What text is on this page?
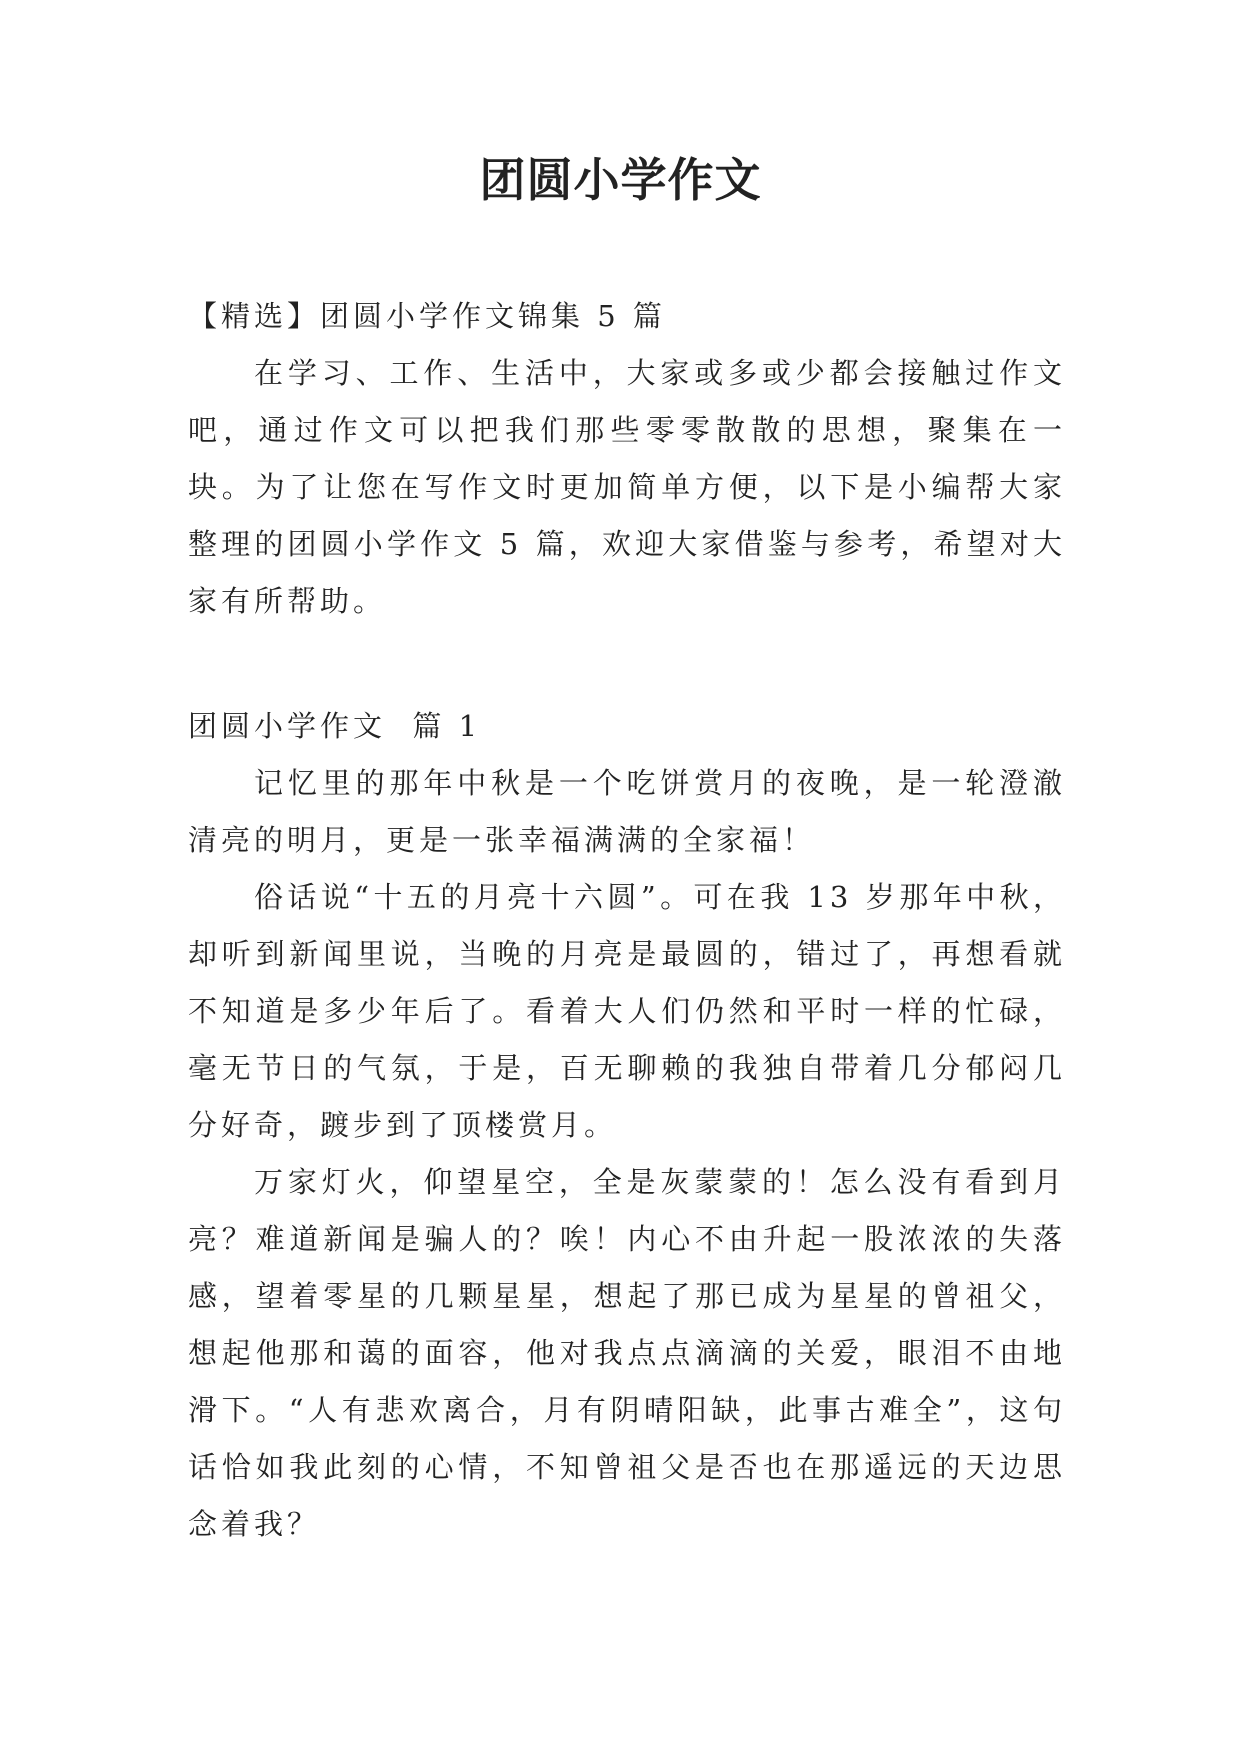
团圆小学作文

【精选】团圆小学作文锦集 5 篇

在学习、工作、生活中，大家或多或少都会接触过作文吧，通过作文可以把我们那些零零散散的思想，聚集在一块。为了让您在写作文时更加简单方便，以下是小编帮大家整理的团圆小学作文 5 篇，欢迎大家借鉴与参考，希望对大家有所帮助。

团圆小学作文  篇 1

记忆里的那年中秋是一个吃饼赏月的夜晚，是一轮澄澈清亮的明月，更是一张幸福满满的全家福！

俗话说“十五的月亮十六圆”。可在我 13 岁那年中秋，却听到新闻里说，当晚的月亮是最圆的，错过了，再想看就不知道是多少年后了。看着大人们仍然和平时一样的忙碌，毫无节日的气氛，于是，百无聊赖的我独自带着几分郁闷几分好奇，踱步到了顶楼赏月。

万家灯火，仰望星空，全是灰蒙蒙的！怎么没有看到月亮？难道新闻是骗人的？唉！内心不由升起一股浓浓的失落感，望着零星的几颗星星，想起了那已成为星星的曾祖父，想起他那和蔼的面容，他对我点点滴滴的关爱，眼泪不由地滑下。“人有悲欢离合，月有阴晴阳缺，此事古难全”，这句话恰如我此刻的心情，不知曾祖父是否也在那遥远的天边思念着我？
